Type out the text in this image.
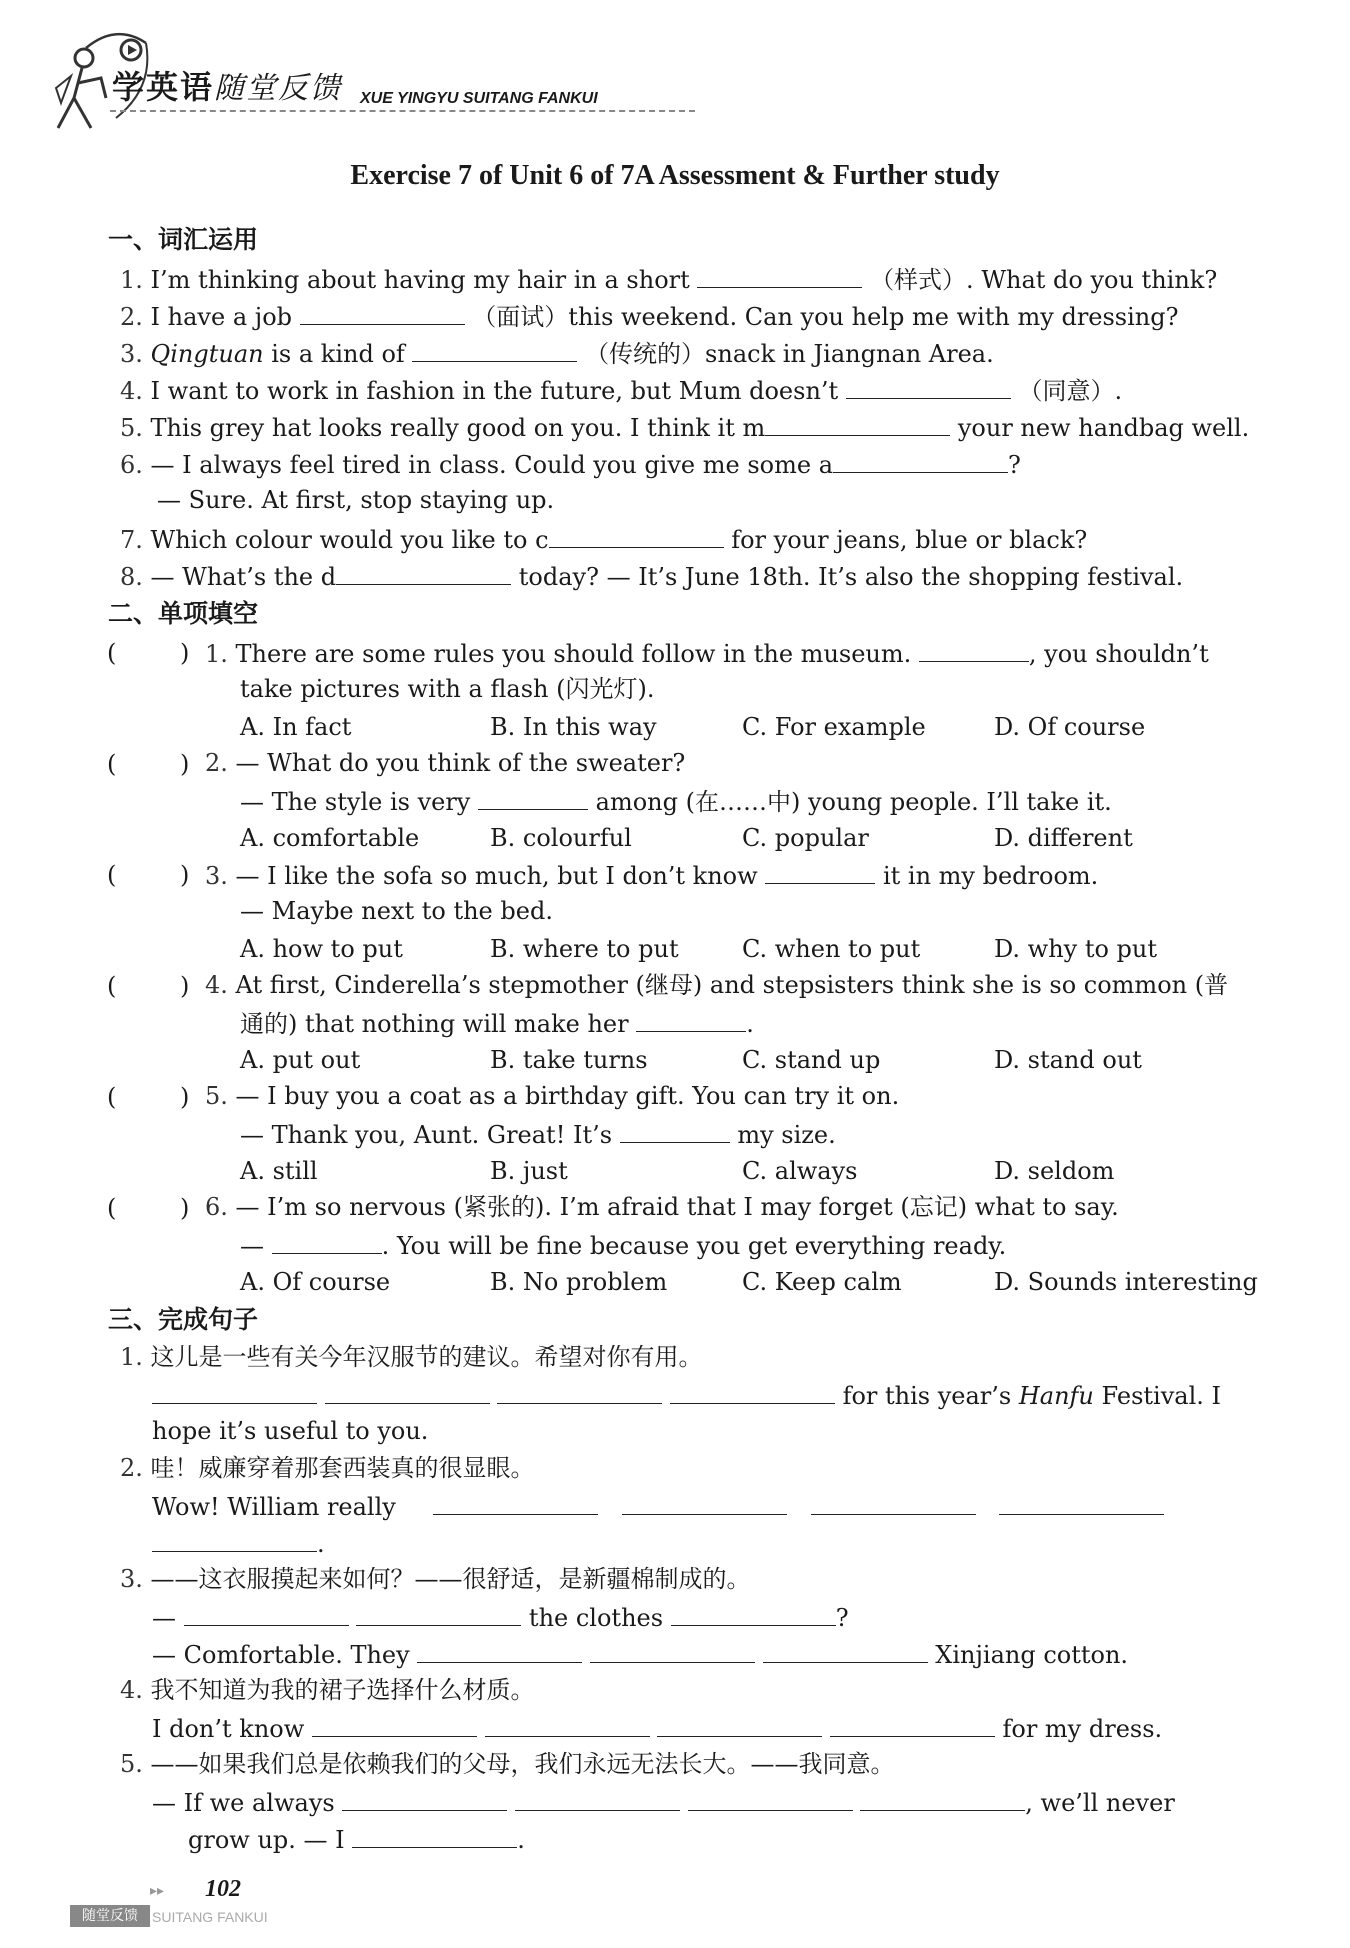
学英语随堂反馈 XUE YINGYU SUITANG FANKUI
Exercise 7 of Unit 6 of 7A Assessment & Further study
一、词汇运用
1. I’m thinking about having my hair in a short	（样式）. What do you think?
2. I have a job	（面试）this weekend. Can you help me with my dressing?
3. Qingtuan is a kind of	（传统的）snack in Jiangnan Area.
4. I want to work in fashion in the future, but Mum doesn’t	（同意）.
5. This grey hat looks really good on you. I think it m	your new handbag well.
6. — I always feel tired in class. Could you give me some a	?
— Sure. At first, stop staying up.
7. Which colour would you like to c	for your jeans, blue or black?
8. — What’s the d	today? — It’s June 18th. It’s also the shopping festival.
二、单项填空
(	) 1. There are some rules you should follow in the museum.	, you shouldn’t
take pictures with a flash (闪光灯).
A. In fact	B. In this way	C. For example	D. Of course
(	) 2. — What do you think of the sweater?
— The style is very	among (在……中) young people. I’ll take it.
A. comfortable	B. colourful	C. popular	D. different
(	) 3. — I like the sofa so much, but I don’t know	it in my bedroom.
— Maybe next to the bed.
A. how to put	B. where to put	C. when to put	D. why to put
(	) 4. At first, Cinderella’s stepmother (继母) and stepsisters think she is so common (普
通的) that nothing will make her	.
A. put out	B. take turns	C. stand up	D. stand out
(	) 5. — I buy you a coat as a birthday gift. You can try it on.
— Thank you, Aunt. Great! It’s	my size.
A. still	B. just	C. always	D. seldom
(	) 6. — I’m so nervous (紧张的). I’m afraid that I may forget (忘记) what to say.
—	. You will be fine because you get everything ready.
A. Of course	B. No problem	C. Keep calm	D. Sounds interesting
三、完成句子
1. 这儿是一些有关今年汉服节的建议。希望对你有用。
for this year’s Hanfu Festival. I
hope it’s useful to you.
2. 哇！威廉穿着那套西装真的很显眼。
Wow! William really
.
3. ——这衣服摸起来如何？——很舒适，是新疆棉制成的。
—	the clothes	?
— Comfortable. They	Xinjiang cotton.
4. 我不知道为我的裙子选择什么材质。
I don’t know	for my dress.
5. ——如果我们总是依赖我们的父母，我们永远无法长大。——我同意。
— If we always	, we’ll never
grow up. — I	.
▸▸ 102
随堂反馈	SUITANG FANKUI
